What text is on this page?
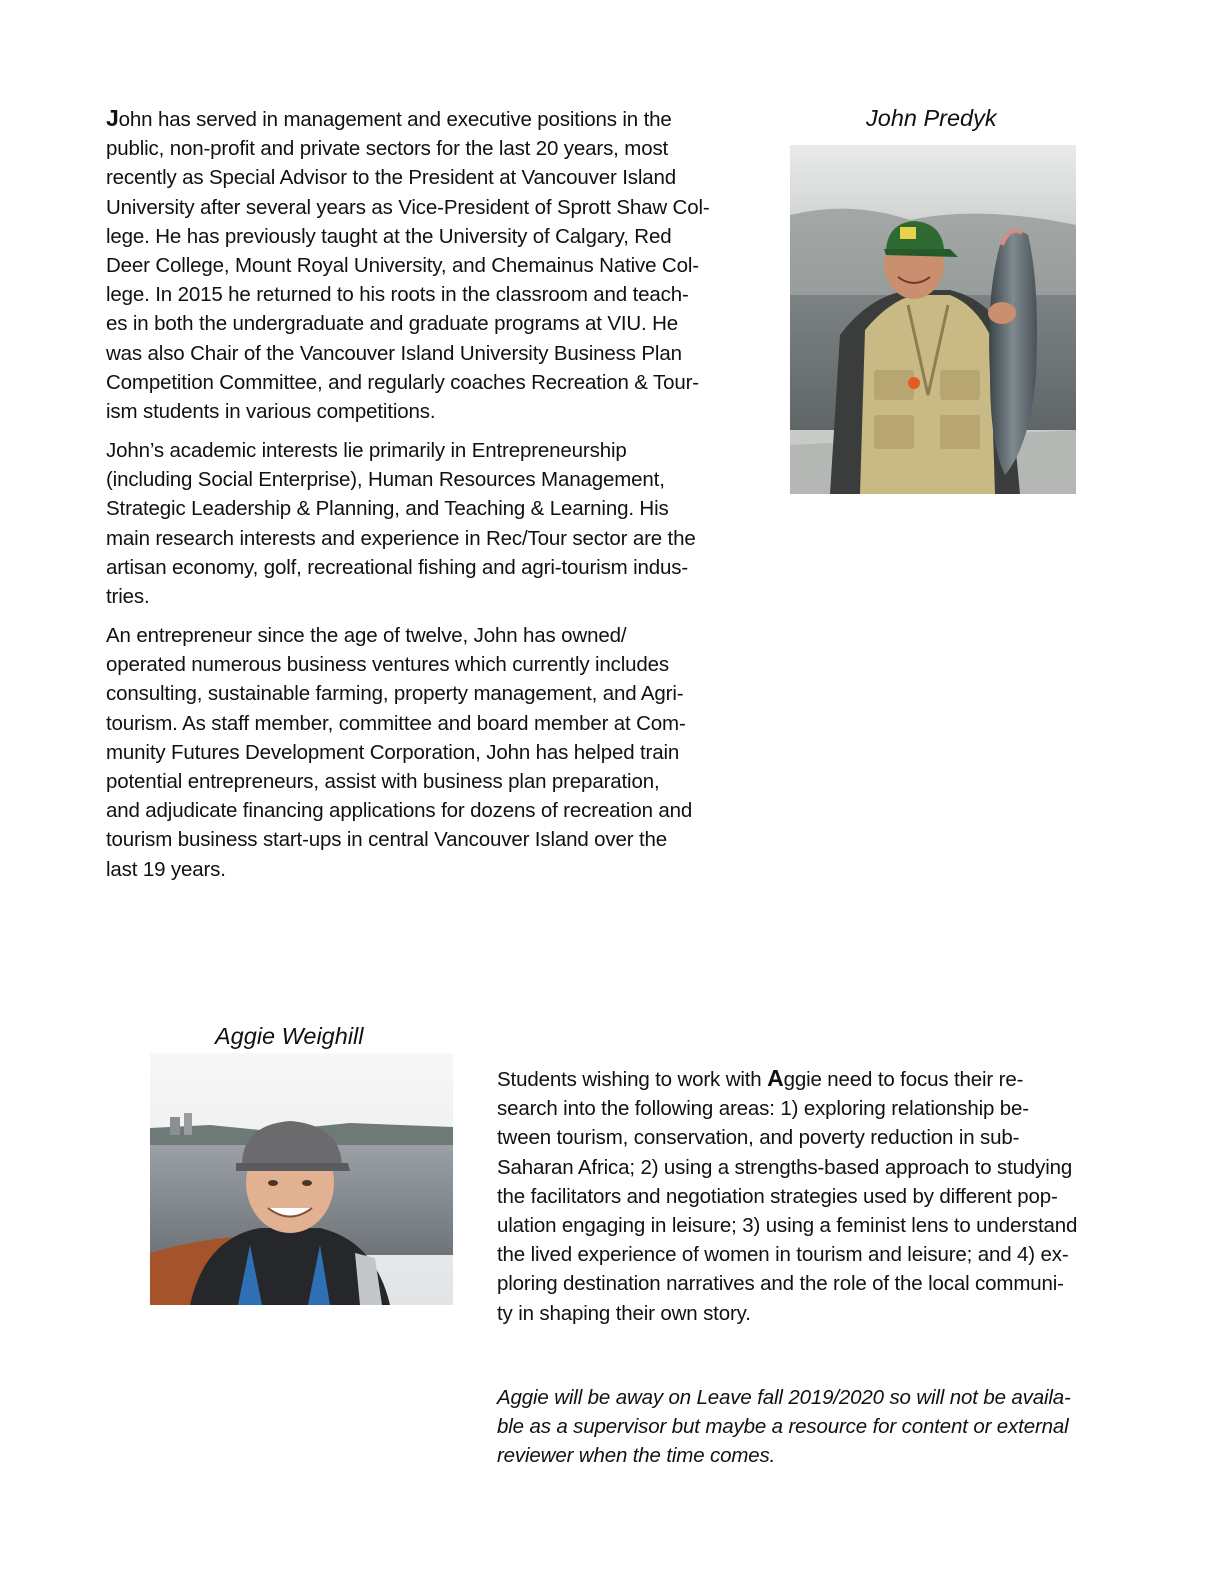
John has served in management and executive positions in the
public, non-profit and private sectors for the last 20 years, most
recently as Special Advisor to the President at Vancouver Island
University after several years as Vice-President of Sprott Shaw Col-
lege. He has previously taught at the University of Calgary, Red
Deer College, Mount Royal University, and Chemainus Native Col-
lege. In 2015 he returned to his roots in the classroom and teach-
es in both the undergraduate and graduate programs at VIU. He
was also Chair of the Vancouver Island University Business Plan
Competition Committee, and regularly coaches Recreation & Tour-
ism students in various competitions.
John’s academic interests lie primarily in Entrepreneurship
(including Social Enterprise), Human Resources Management,
Strategic Leadership & Planning, and Teaching & Learning. His
main research interests and experience in Rec/Tour sector are the
artisan economy, golf, recreational fishing and agri-tourism indus-
tries.
An entrepreneur since the age of twelve, John has owned/
operated numerous business ventures which currently includes
consulting, sustainable farming, property management, and Agri-
tourism. As staff member, committee and board member at Com-
munity Futures Development Corporation, John has helped train
potential entrepreneurs, assist with business plan preparation,
and adjudicate financing applications for dozens of recreation and
tourism business start-ups in central Vancouver Island over the
last 19 years.
John Predyk
Aggie Weighill
Students wishing to work with Aggie need to focus their re-
search into the following areas: 1) exploring relationship be-
tween tourism, conservation, and poverty reduction in sub-
Saharan Africa; 2) using a strengths-based approach to studying
the facilitators and negotiation strategies used by different pop-
ulation engaging in leisure; 3) using a feminist lens to understand
the lived experience of women in tourism and leisure; and 4) ex-
ploring destination narratives and the role of the local communi-
ty in shaping their own story.
Aggie will be away on Leave fall 2019/2020 so will not be availa-
ble as a supervisor but maybe a resource for content or external
reviewer when the time comes.
